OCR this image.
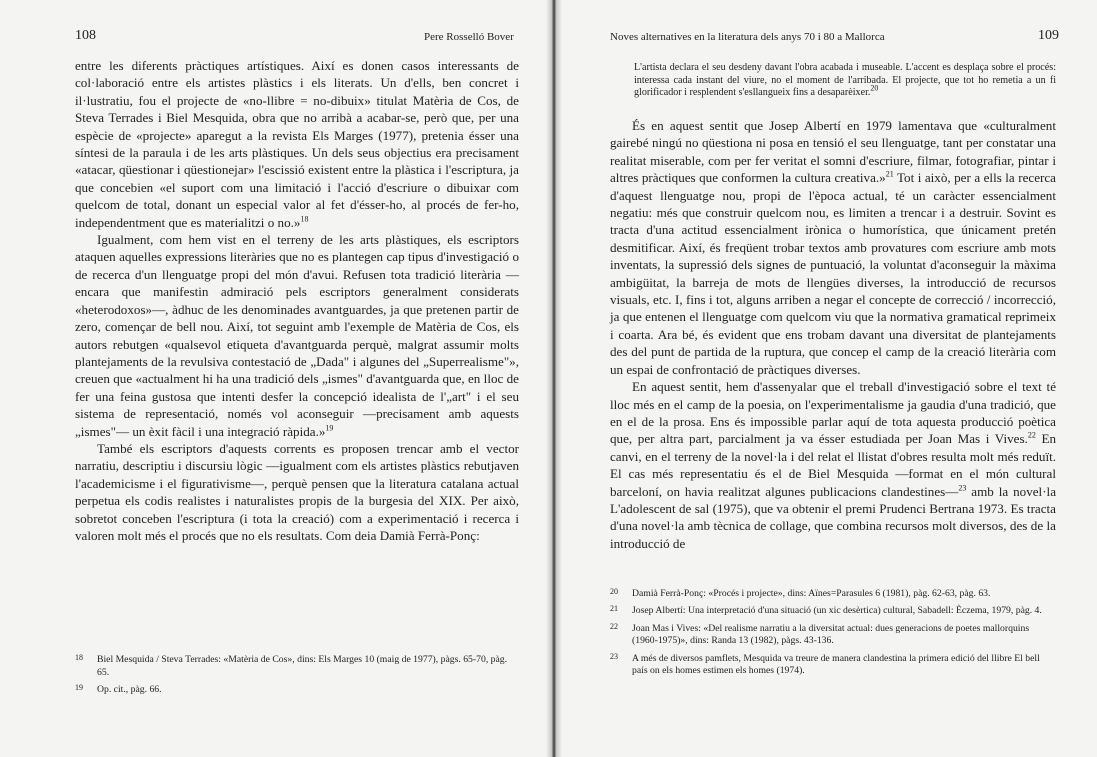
108	Pere Rosselló Bover

entre les diferents pràctiques artístiques. Així es donen casos interessants de col·laboració entre els artistes plàstics i els literats. Un d'ells, ben concret i il·lustratiu, fou el projecte de «no-llibre = no-dibuix» titulat Matèria de Cos, de Steva Terrades i Biel Mesquida, obra que no arribà a acabar-se, però que, per una espècie de «projecte» aparegut a la revista Els Marges (1977), pretenia ésser una síntesi de la paraula i de les arts plàstiques. Un dels seus objectius era precisament «atacar, qüestionar i qüestionejar» l'escissió existent entre la plàstica i l'escriptura, ja que concebien «el suport com una limitació i l'acció d'escriure o dibuixar com quelcom de total, donant un especial valor al fet d'ésser-ho, al procés de fer-ho, independentment que es materialitzi o no.»$^{18}$

Igualment, com hem vist en el terreny de les arts plàstiques, els escriptors ataquen aquelles expressions literàries que no es plantegen cap tipus d'investigació o de recerca d'un llenguatge propi del món d'avui. Refusen tota tradició literària —encara que manifestin admiració pels escriptors generalment considerats «heterodoxos»—, àdhuc de les denominades avantguardes, ja que pretenen partir de zero, començar de bell nou. Així, tot seguint amb l'exemple de Matèria de Cos, els autors rebutgen «qualsevol etiqueta d'avantguarda perquè, malgrat assumir molts plantejaments de la revulsiva contestació de „Dada" i algunes del „Superrealisme"», creuen que «actualment hi ha una tradició dels „ismes" d'avantguarda que, en lloc de fer una feina gustosa que intenti desfer la concepció idealista de l'„art" i el seu sistema de representació, només vol aconseguir —precisament amb aquests „ismes"— un èxit fàcil i una integració ràpida.»$^{19}$

També els escriptors d'aquests corrents es proposen trencar amb el vector narratiu, descriptiu i discursiu lògic —igualment com els artistes plàstics rebutjaven l'academicisme i el figurativisme—, perquè pensen que la literatura catalana actual perpetua els codis realistes i naturalistes propis de la burgesia del XIX. Per això, sobretot conceben l'escriptura (i tota la creació) com a experimentació i recerca i valoren molt més el procés que no els resultats. Com deia Damià Ferrà-Ponç:

18 Biel Mesquida / Steva Terrades: «Matèria de Cos», dins: Els Marges 10 (maig de 1977), pàgs. 65-70, pàg. 65.
19 Op. cit., pàg. 66.
Noves alternatives en la literatura dels anys 70 i 80 a Mallorca	109
L'artista declara el seu desdeny davant l'obra acabada i museable. L'accent es desplaça sobre el procés: interessa cada instant del viure, no el moment de l'arribada. El projecte, que tot ho remetia a un fi glorificador i resplendent s'esllangueix fins a desaparèixer.$^{20}$

És en aquest sentit que Josep Albertí en 1979 lamentava que «culturalment gairebé ningú no qüestiona ni posa en tensió el seu llenguatge, tant per constatar una realitat miserable, com per fer veritat el somni d'escriure, filmar, fotografiar, pintar i altres pràctiques que conformen la cultura creativa.»$^{21}$ Tot i això, per a ells la recerca d'aquest llenguatge nou, propi de l'època actual, té un caràcter essencialment negatiu: més que construir quelcom nou, es limiten a trencar i a destruir. Sovint es tracta d'una actitud essencialment irònica o humorística, que únicament pretén desmitificar. Així, és freqüent trobar textos amb provatures com escriure amb mots inventats, la supressió dels signes de puntuació, la voluntat d'aconseguir la màxima ambigüitat, la barreja de mots de llengües diverses, la introducció de recursos visuals, etc. I, fins i tot, alguns arriben a negar el concepte de correcció / incorrecció, ja que entenen el llenguatge com quelcom viu que la normativa gramatical reprimeix i coarta. Ara bé, és evident que ens trobam davant una diversitat de plantejaments des del punt de partida de la ruptura, que concep el camp de la creació literària com un espai de confrontació de pràctiques diverses.

En aquest sentit, hem d'assenyalar que el treball d'investigació sobre el text té lloc més en el camp de la poesia, on l'experimentalisme ja gaudia d'una tradició, que en el de la prosa. Ens és impossible parlar aquí de tota aquesta producció poètica que, per altra part, parcialment ja va ésser estudiada per Joan Mas i Vives.$^{22}$ En canvi, en el terreny de la novel·la i del relat el llistat d'obres resulta molt més reduït. El cas més representatiu és el de Biel Mesquida —format en el món cultural barceloní, on havia realitzat algunes publicacions clandestines—$^{23}$ amb la novel·la L'adolescent de sal (1975), que va obtenir el premi Prudenci Bertrana 1973. Es tracta d'una novel·la amb tècnica de collage, que combina recursos molt diversos, des de la introducció de

20 Damià Ferrà-Ponç: «Procés i projecte», dins: Aïnes=Parasules 6 (1981), pàg. 62-63, pàg. 63.
21 Josep Albertí: Una interpretació d'una situació (un xic desèrtica) cultural, Sabadell: Èczema, 1979, pàg. 4.
22 Joan Mas i Vives: «Del realisme narratiu a la diversitat actual: dues generacions de poetes mallorquins (1960-1975)», dins: Randa 13 (1982), pàgs. 43-136.
23 A més de diversos pamflets, Mesquida va treure de manera clandestina la primera edició del llibre El bell país on els homes estimen els homes (1974).
